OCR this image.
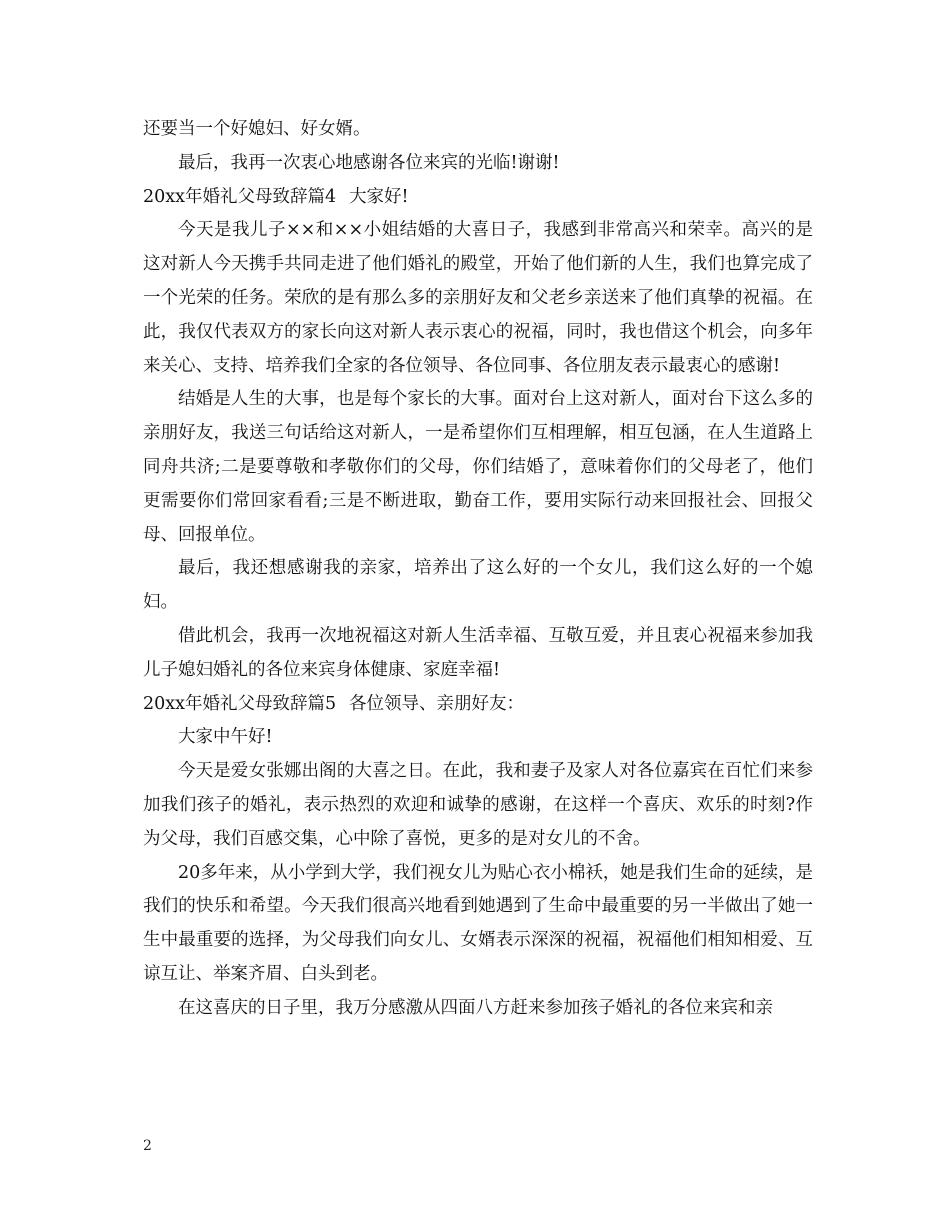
还要当一个好媳妇、好女婿。

最后，我再一次衷心地感谢各位来宾的光临!谢谢!

20xx年婚礼父母致辞篇4 大家好!

今天是我儿子××和××小姐结婚的大喜日子，我感到非常高兴和荣幸。高兴的是这对新人今天携手共同走进了他们婚礼的殿堂，开始了他们新的人生，我们也算完成了一个光荣的任务。荣欣的是有那么多的亲朋好友和父老乡亲送来了他们真挚的祝福。在此，我仅代表双方的家长向这对新人表示衷心的祝福，同时，我也借这个机会，向多年来关心、支持、培养我们全家的各位领导、各位同事、各位朋友表示最衷心的感谢!

结婚是人生的大事，也是每个家长的大事。面对台上这对新人，面对台下这么多的亲朋好友，我送三句话给这对新人，一是希望你们互相理解，相互包涵，在人生道路上同舟共济;二是要尊敬和孝敬你们的父母，你们结婚了，意味着你们的父母老了，他们更需要你们常回家看看;三是不断进取，勤奋工作，要用实际行动来回报社会、回报父母、回报单位。

最后，我还想感谢我的亲家，培养出了这么好的一个女儿，我们这么好的一个媳妇。

借此机会，我再一次地祝福这对新人生活幸福、互敬互爱，并且衷心祝福来参加我儿子媳妇婚礼的各位来宾身体健康、家庭幸福!

20xx年婚礼父母致辞篇5 各位领导、亲朋好友：

大家中午好!

今天是爱女张娜出阁的大喜之日。在此，我和妻子及家人对各位嘉宾在百忙们来参加我们孩子的婚礼，表示热烈的欢迎和诚挚的感谢，在这样一个喜庆、欢乐的时刻?作为父母，我们百感交集，心中除了喜悦，更多的是对女儿的不舍。

20多年来，从小学到大学，我们视女儿为贴心衣小棉袄，她是我们生命的延续，是我们的快乐和希望。今天我们很高兴地看到她遇到了生命中最重要的另一半做出了她一生中最重要的选择，为父母我们向女儿、女婿表示深深的祝福，祝福他们相知相爱、互谅互让、举案齐眉、白头到老。

在这喜庆的日子里，我万分感激从四面八方赶来参加孩子婚礼的各位来宾和亲

2
